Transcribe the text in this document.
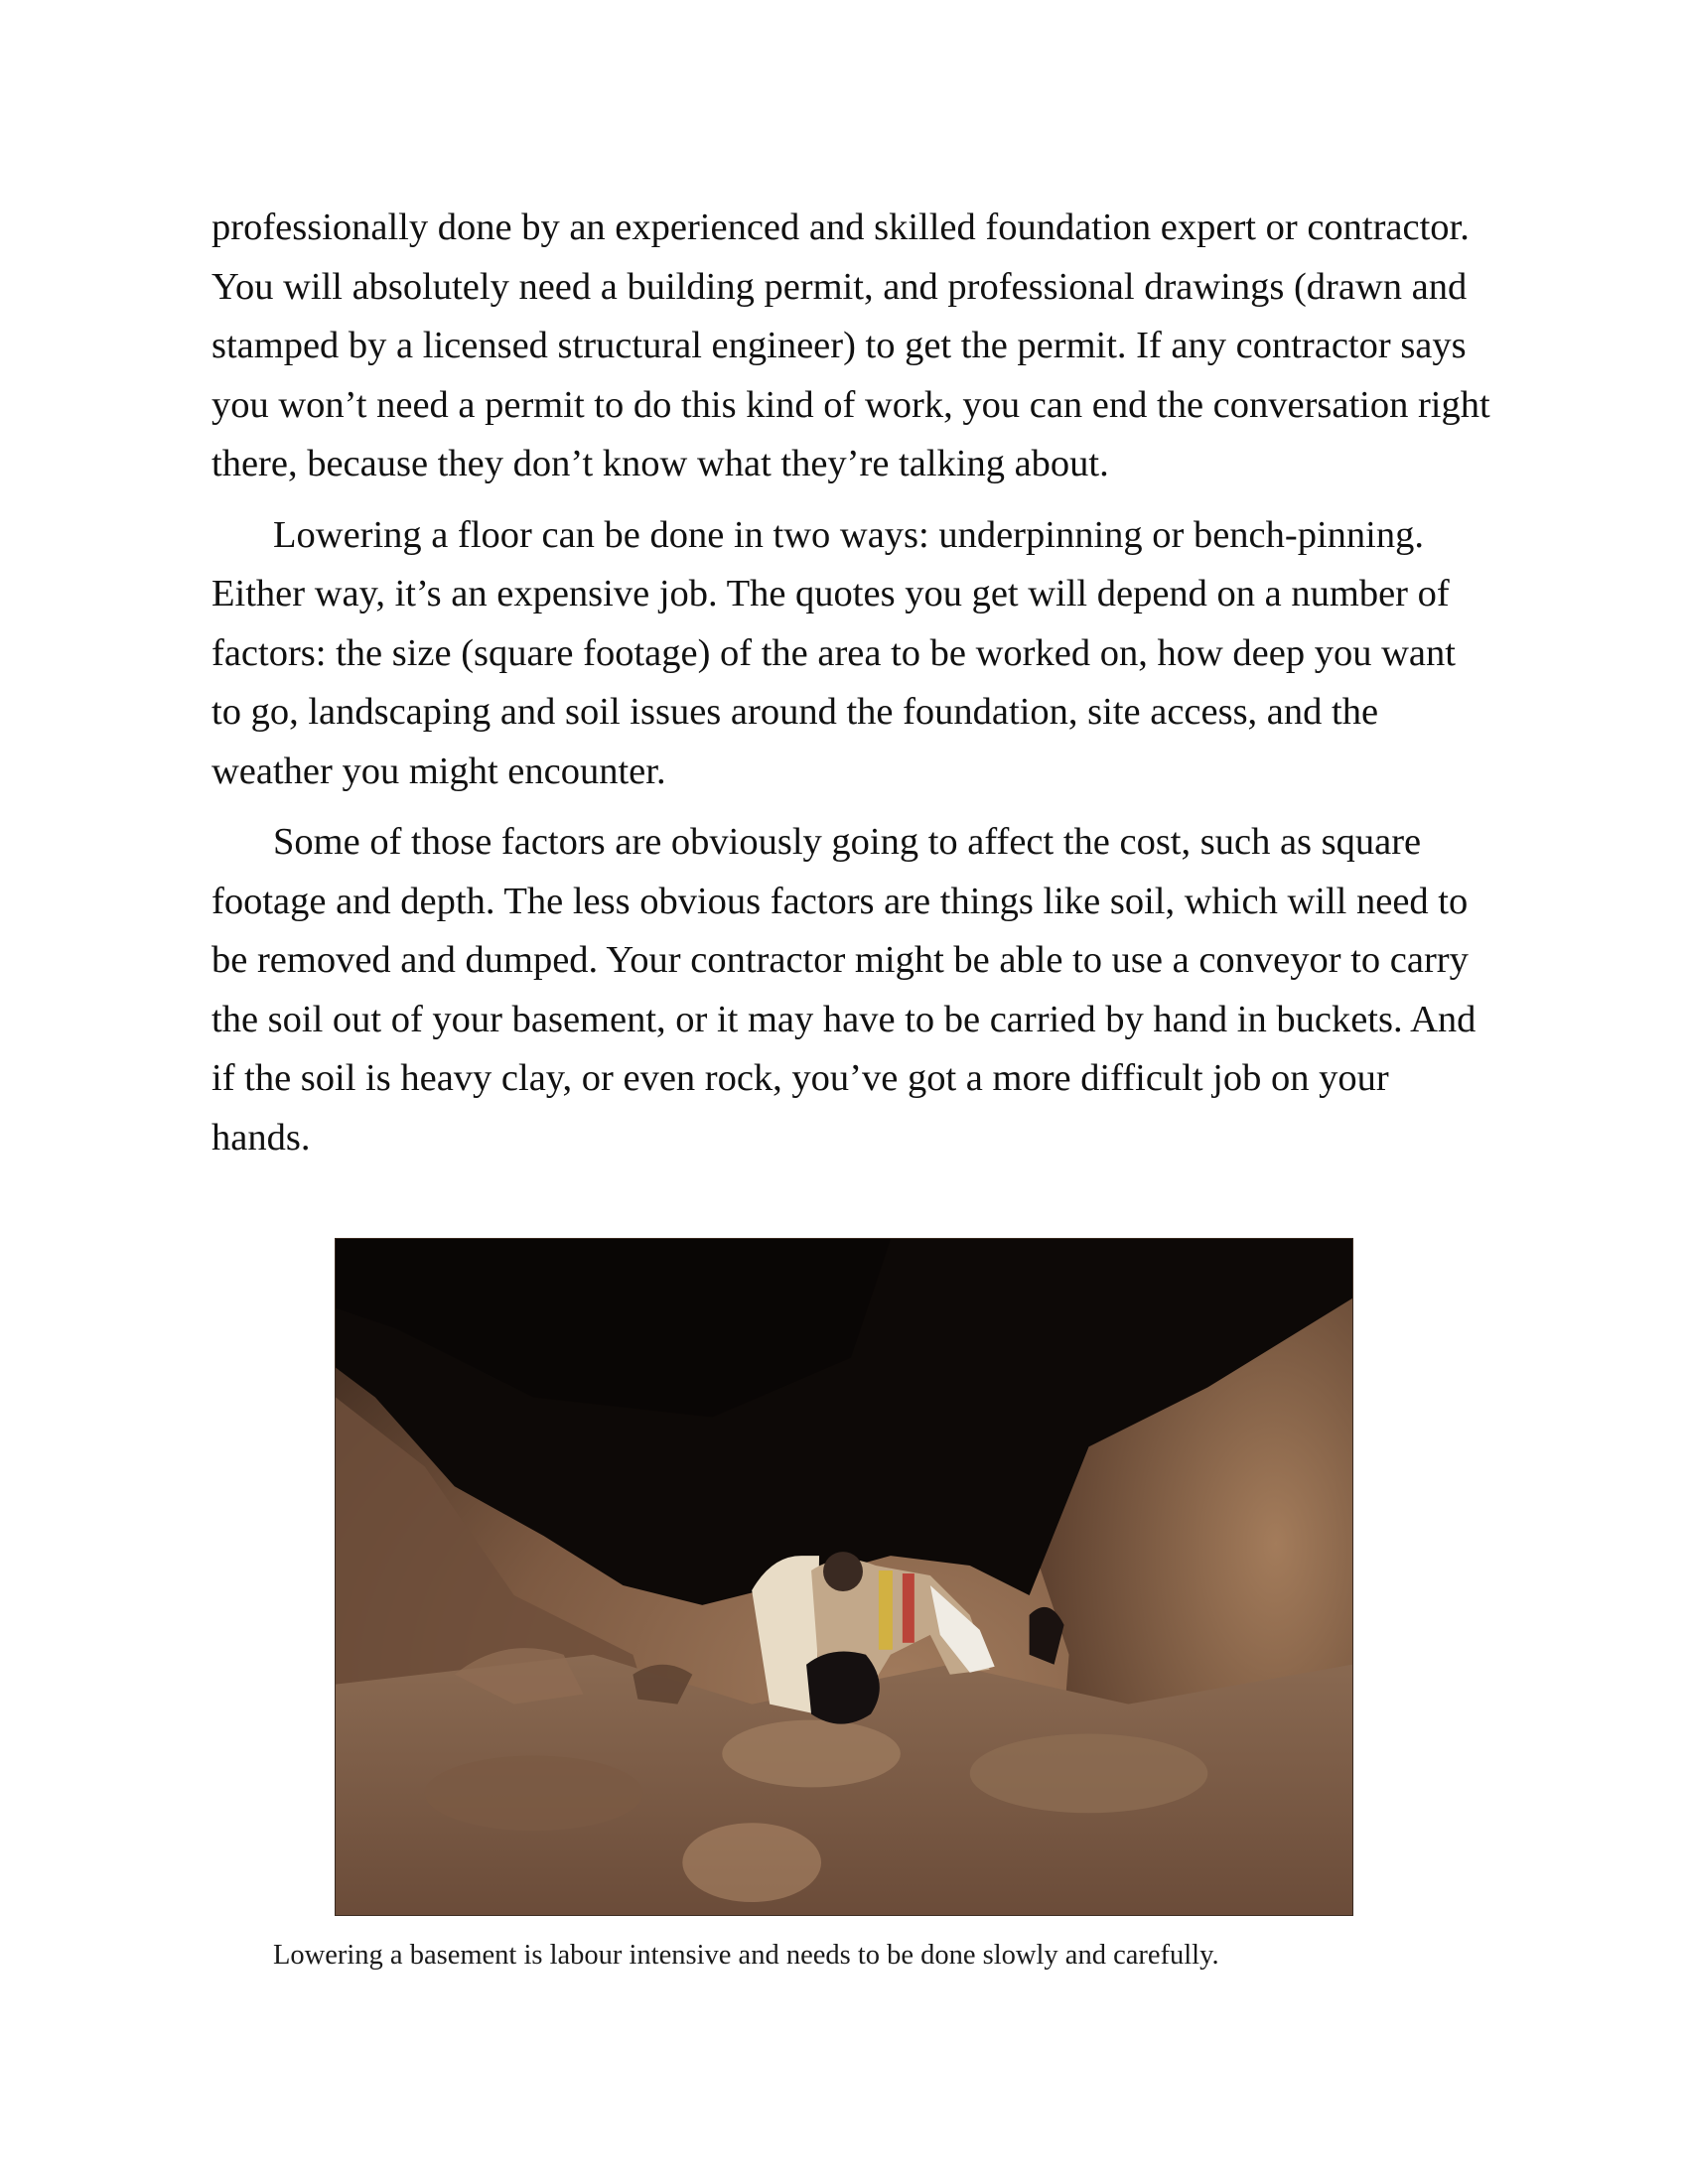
professionally done by an experienced and skilled foundation expert or contractor. You will absolutely need a building permit, and professional drawings (drawn and stamped by a licensed structural engineer) to get the permit. If any contractor says you won’t need a permit to do this kind of work, you can end the conversation right there, because they don’t know what they’re talking about.

Lowering a floor can be done in two ways: underpinning or bench-pinning. Either way, it’s an expensive job. The quotes you get will depend on a number of factors: the size (square footage) of the area to be worked on, how deep you want to go, landscaping and soil issues around the foundation, site access, and the weather you might encounter.

Some of those factors are obviously going to affect the cost, such as square footage and depth. The less obvious factors are things like soil, which will need to be removed and dumped. Your contractor might be able to use a conveyor to carry the soil out of your basement, or it may have to be carried by hand in buckets. And if the soil is heavy clay, or even rock, you’ve got a more difficult job on your hands.

Lowering a basement is labour intensive and needs to be done slowly and carefully.
